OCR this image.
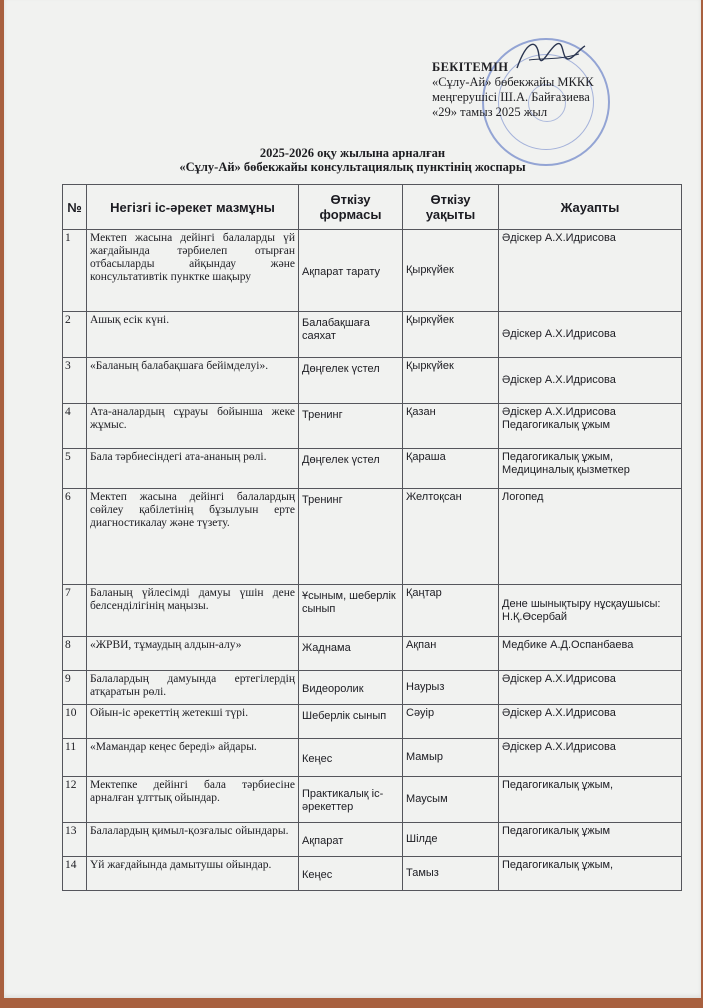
БЕКІТЕМІН
«Сұлу-Ай» бөбекжайы МККК
меңгерушісі Ш.А. Байғазиева
«29» тамыз 2025 жыл
2025-2026 оқу жылына арналған
«Сұлу-Ай» бөбекжайы консультациялық пунктінің жоспары
№	Негізгі іс-әрекет мазмұны	Өткізу формасы	Өткізу уақыты	Жауапты
1	Мектеп жасына дейінгі балаларды үй жағдайында тәрбиелеп отырған отбасыларды айқындау және консультативтік пунктке шақыру	Ақпарат тарату	Қыркүйек	Әдіскер А.Х.Идрисова
2	Ашық есік күні.	Балабақшаға саяхат	Қыркүйек	Әдіскер А.Х.Идрисова
3	«Баланың балабақшаға бейімделуі».	Дөңгелек үстел	Қыркүйек	Әдіскер А.Х.Идрисова
4	Ата-аналардың сұрауы бойынша жеке жұмыс.	Тренинг	Қазан	Әдіскер А.Х.Идрисова Педагогикалық ұжым
5	Бала тәрбиесіндегі ата-ананың рөлі.	Дөңгелек үстел	Қараша	Педагогикалық ұжым, Медициналық қызметкер
6	Мектеп жасына дейінгі балалардың сөйлеу қабілетінің бұзылуын ерте диагностикалау және түзету.	Тренинг	Желтоқсан	Логопед
7	Баланың үйлесімді дамуы үшін дене белсенділігінің маңызы.	Ұсыным, шеберлік сынып	Қаңтар	Дене шынықтыру нұсқаушысы: Н.Қ.Өсербай
8	«ЖРВИ, тұмаудың алдын-алу»	Жаднама	Ақпан	Медбике А.Д.Оспанбаева
9	Балалардың дамуында ертегілердің атқаратын рөлі.	Видеоролик	Наурыз	Әдіскер А.Х.Идрисова
10	Ойын-іс әрекеттің жетекші түрі.	Шеберлік сынып	Сәуір	Әдіскер А.Х.Идрисова
11	«Мамандар кеңес береді» айдары.	Кеңес	Мамыр	Әдіскер А.Х.Идрисова
12	Мектепке дейінгі бала тәрбиесіне арналған ұлттық ойындар.	Практикалық іс-әрекеттер	Маусым	Педагогикалық ұжым,
13	Балалардың қимыл-қозғалыс ойындары.	Ақпарат	Шілде	Педагогикалық ұжым
14	Үй жағдайында дамытушы ойындар.	Кеңес	Тамыз	Педагогикалық ұжым,
